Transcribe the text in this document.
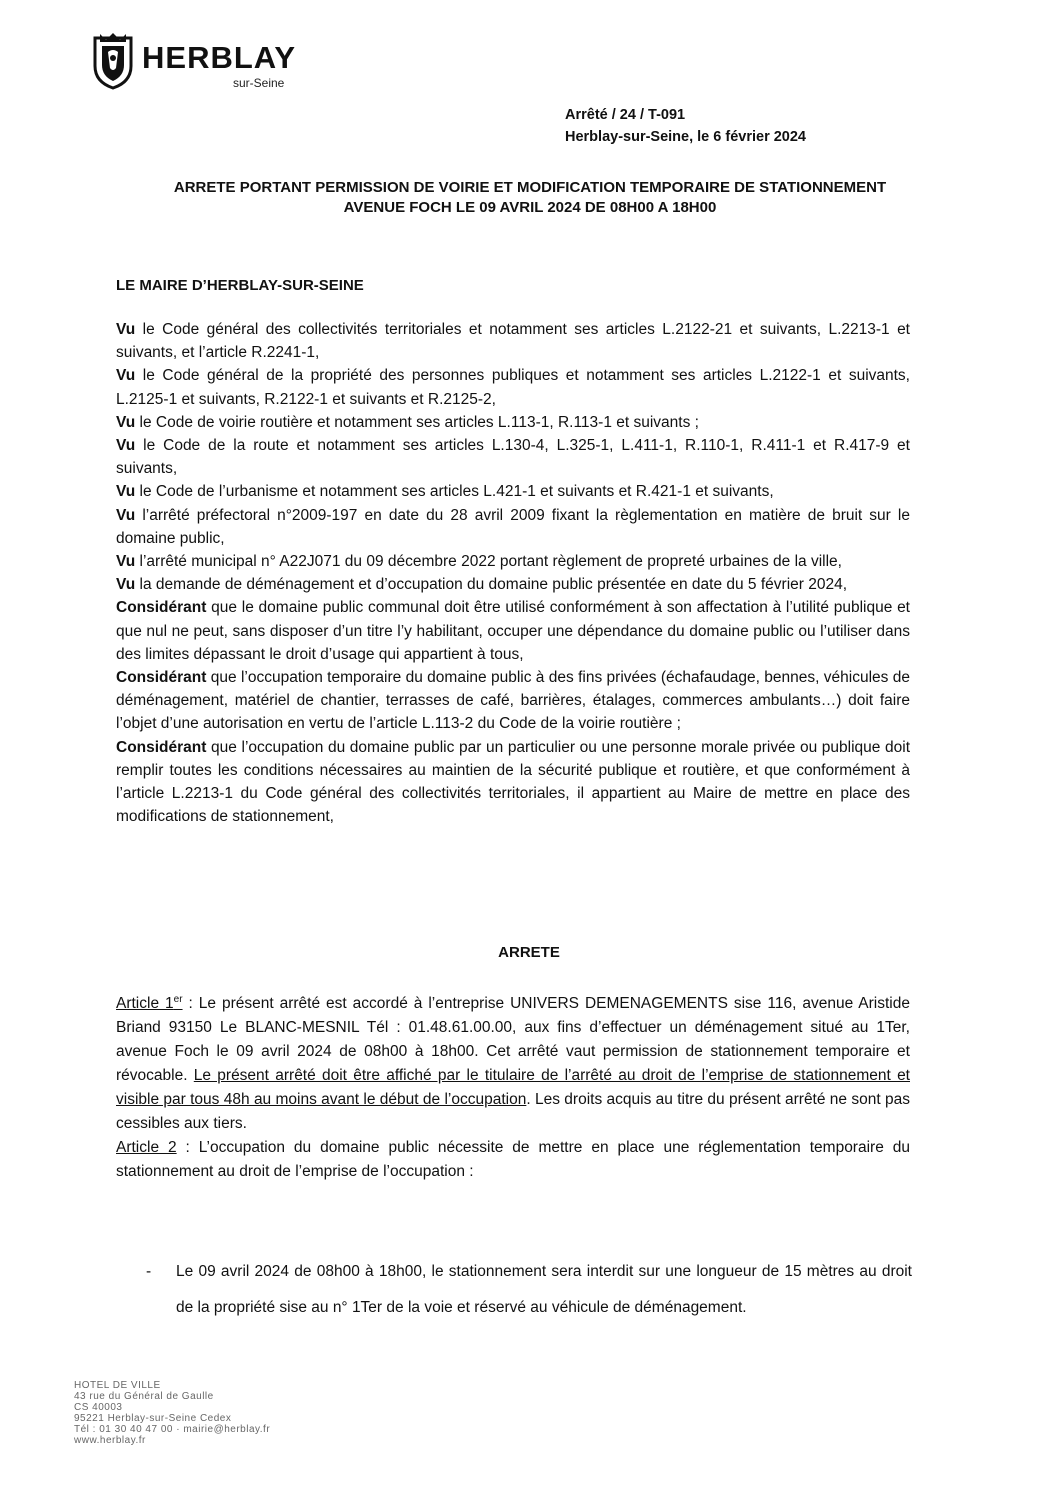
HERBLAY
sur-Seine
Arrêté / 24 / T-091
Herblay-sur-Seine, le 6 février 2024
ARRETE PORTANT PERMISSION DE VOIRIE ET MODIFICATION TEMPORAIRE DE STATIONNEMENT
AVENUE FOCH LE 09 AVRIL 2024 DE 08H00 A 18H00
LE MAIRE D’HERBLAY-SUR-SEINE

Vu le Code général des collectivités territoriales et notamment ses articles L.2122-21 et suivants, L.2213-1 et suivants, et l’article R.2241-1,

Vu le Code général de la propriété des personnes publiques et notamment ses articles L.2122-1 et suivants, L.2125-1 et suivants, R.2122-1 et suivants et R.2125-2,

Vu le Code de voirie routière et notamment ses articles L.113-1, R.113-1 et suivants ;

Vu le Code de la route et notamment ses articles L.130-4, L.325-1, L.411-1, R.110-1, R.411-1 et R.417-9 et suivants,

Vu le Code de l’urbanisme et notamment ses articles L.421-1 et suivants et R.421-1 et suivants,

Vu l’arrêté préfectoral n°2009-197 en date du 28 avril 2009 fixant la règlementation en matière de bruit sur le domaine public,

Vu l’arrêté municipal n° A22J071 du 09 décembre 2022 portant règlement de propreté urbaines de la ville,

Vu la demande de déménagement et d’occupation du domaine public présentée en date du 5 février 2024,

Considérant que le domaine public communal doit être utilisé conformément à son affectation à l’utilité publique et que nul ne peut, sans disposer d’un titre l’y habilitant, occuper une dépendance du domaine public ou l’utiliser dans des limites dépassant le droit d’usage qui appartient à tous,

Considérant que l’occupation temporaire du domaine public à des fins privées (échafaudage, bennes, véhicules de déménagement, matériel de chantier, terrasses de café, barrières, étalages, commerces ambulants…) doit faire l’objet d’une autorisation en vertu de l’article L.113-2 du Code de la voirie routière ;

Considérant que l’occupation du domaine public par un particulier ou une personne morale privée ou publique doit remplir toutes les conditions nécessaires au maintien de la sécurité publique et routière, et que conformément à l’article L.2213-1 du Code général des collectivités territoriales, il appartient au Maire de mettre en place des modifications de stationnement,

ARRETE

Article 1er : Le présent arrêté est accordé à l’entreprise UNIVERS DEMENAGEMENTS sise 116, avenue Aristide Briand 93150 Le BLANC-MESNIL Tél : 01.48.61.00.00, aux fins d’effectuer un déménagement situé au 1Ter, avenue Foch le 09 avril 2024 de 08h00 à 18h00. Cet arrêté vaut permission de stationnement temporaire et révocable. Le présent arrêté doit être affiché par le titulaire de l’arrêté au droit de l’emprise de stationnement et visible par tous 48h au moins avant le début de l’occupation. Les droits acquis au titre du présent arrêté ne sont pas cessibles aux tiers.

Article 2 : L’occupation du domaine public nécessite de mettre en place une réglementation temporaire du stationnement au droit de l’emprise de l’occupation :

- Le 09 avril 2024 de 08h00 à 18h00, le stationnement sera interdit sur une longueur de 15 mètres au droit de la propriété sise au n° 1Ter de la voie et réservé au véhicule de déménagement.
HOTEL DE VILLE
43 rue du Général de Gaulle
CS 40003
95221 Herblay-sur-Seine Cedex
Tél : 01 30 40 47 00 · mairie@herblay.fr
www.herblay.fr
